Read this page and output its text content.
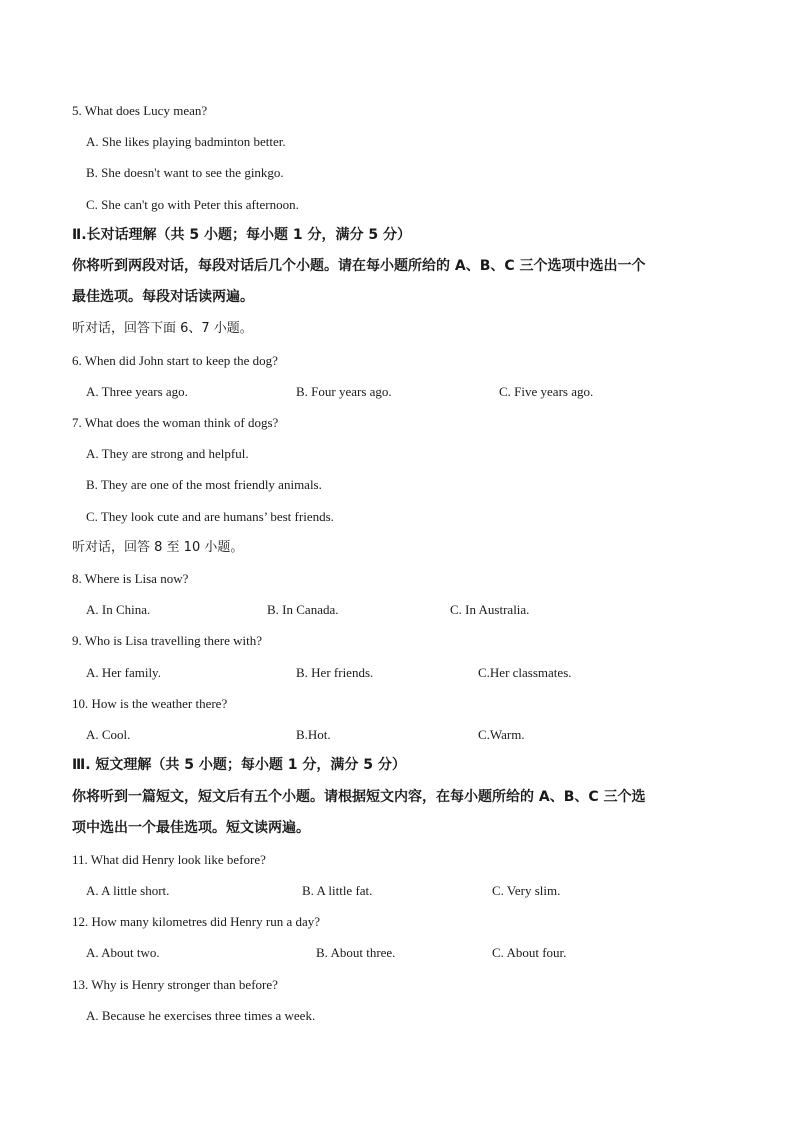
5. What does Lucy mean?
A. She likes playing badminton better.
B. She doesn't want to see the ginkgo.
C. She can't go with Peter this afternoon.
Ⅱ.长对话理解（共 5 小题；每小题 1 分，满分 5 分）
你将听到两段对话，每段对话后几个小题。请在每小题所给的 A、B、C 三个选项中选出一个
最佳选项。每段对话读两遍。
听对话，回答下面 6、7 小题。
6. When did John start to keep the dog?
A. Three years ago.	B. Four years ago.	C. Five years ago.
7. What does the woman think of dogs?
A. They are strong and helpful.
B. They are one of the most friendly animals.
C. They look cute and are humans’ best friends.
听对话，回答 8 至 10 小题。
8. Where is Lisa now?
A. In China.	B. In Canada.	C. In Australia.
9. Who is Lisa travelling there with?
A. Her family.	B. Her friends.	C.Her classmates.
10. How is the weather there?
A. Cool.	B.Hot.	C.Warm.
Ⅲ. 短文理解（共 5 小题；每小题 1 分，满分 5 分）
你将听到一篇短文，短文后有五个小题。请根据短文内容，在每小题所给的 A、B、C 三个选
项中选出一个最佳选项。短文读两遍。
11. What did Henry look like before?
A. A little short.	B. A little fat.	C. Very slim.
12. How many kilometres did Henry run a day?
A. About two.	B. About three.	C. About four.
13. Why is Henry stronger than before?
A. Because he exercises three times a week.
